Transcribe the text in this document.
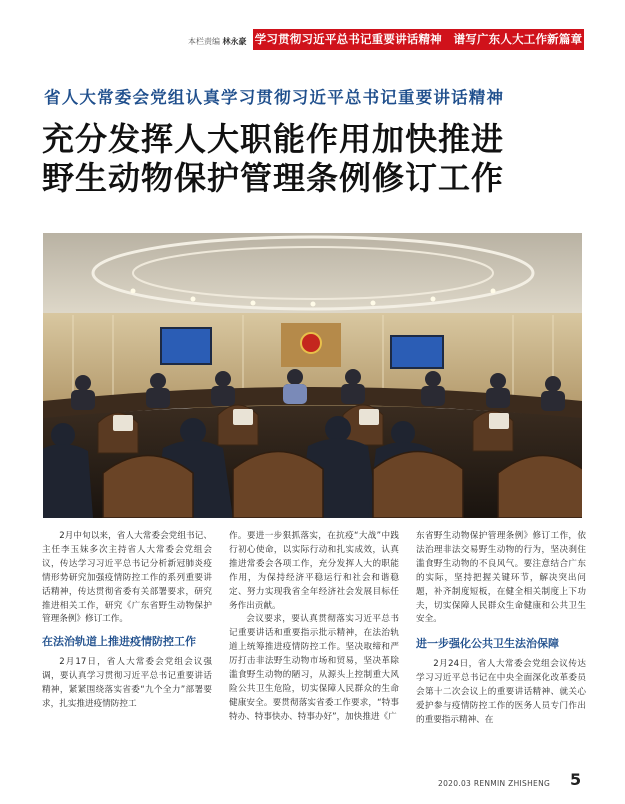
本栏责编 林永豪 学习贯彻习近平总书记重要讲话精神　谱写广东人大工作新篇章
省人大常委会党组认真学习贯彻习近平总书记重要讲话精神
充分发挥人大职能作用加快推进
野生动物保护管理条例修订工作

2月中旬以来，省人大常委会党组书记、主任李玉妹多次主持省人大常委会党组会议，传达学习习近平总书记分析新冠肺炎疫情形势研究加强疫情防控工作的系列重要讲话精神，传达贯彻省委有关部署要求，研究推进相关工作，研究《广东省野生动物保护管理条例》修订工作。

在法治轨道上推进疫情防控工作

2月17日，省人大常委会党组会议强调，要认真学习贯彻习近平总书记重要讲话精神，紧紧围绕落实省委“九个全力”部署要求，扎实推进疫情防控工

作。要进一步狠抓落实，在抗疫“大战”中践行初心使命，以实际行动和扎实成效，认真推进常委会各项工作，充分发挥人大的职能作用，为保持经济平稳运行和社会和谐稳定、努力实现我省全年经济社会发展目标任务作出贡献。

会议要求，要认真贯彻落实习近平总书记重要讲话和重要指示批示精神，在法治轨道上统筹推进疫情防控工作。坚决取缔和严厉打击非法野生动物市场和贸易，坚决革除滥食野生动物的陋习，从源头上控制重大风险公共卫生危险，切实保障人民群众的生命健康安全。要贯彻落实省委工作要求，“特事特办、特事快办、特事办好”，加快推进《广

东省野生动物保护管理条例》修订工作，依法治理非法交易野生动物的行为，坚决刹住滥食野生动物的不良风气。要注意结合广东的实际，坚持把握关键环节，解决突出问题，补齐制度短板，在健全相关制度上下功夫，切实保障人民群众生命健康和公共卫生安全。

进一步强化公共卫生法治保障

2月24日，省人大常委会党组会议传达学习习近平总书记在中央全面深化改革委员会第十二次会议上的重要讲话精神、就关心爱护参与疫情防控工作的医务人员专门作出的重要指示精神、在

2020.03 RENMIN ZHISHENG 5
